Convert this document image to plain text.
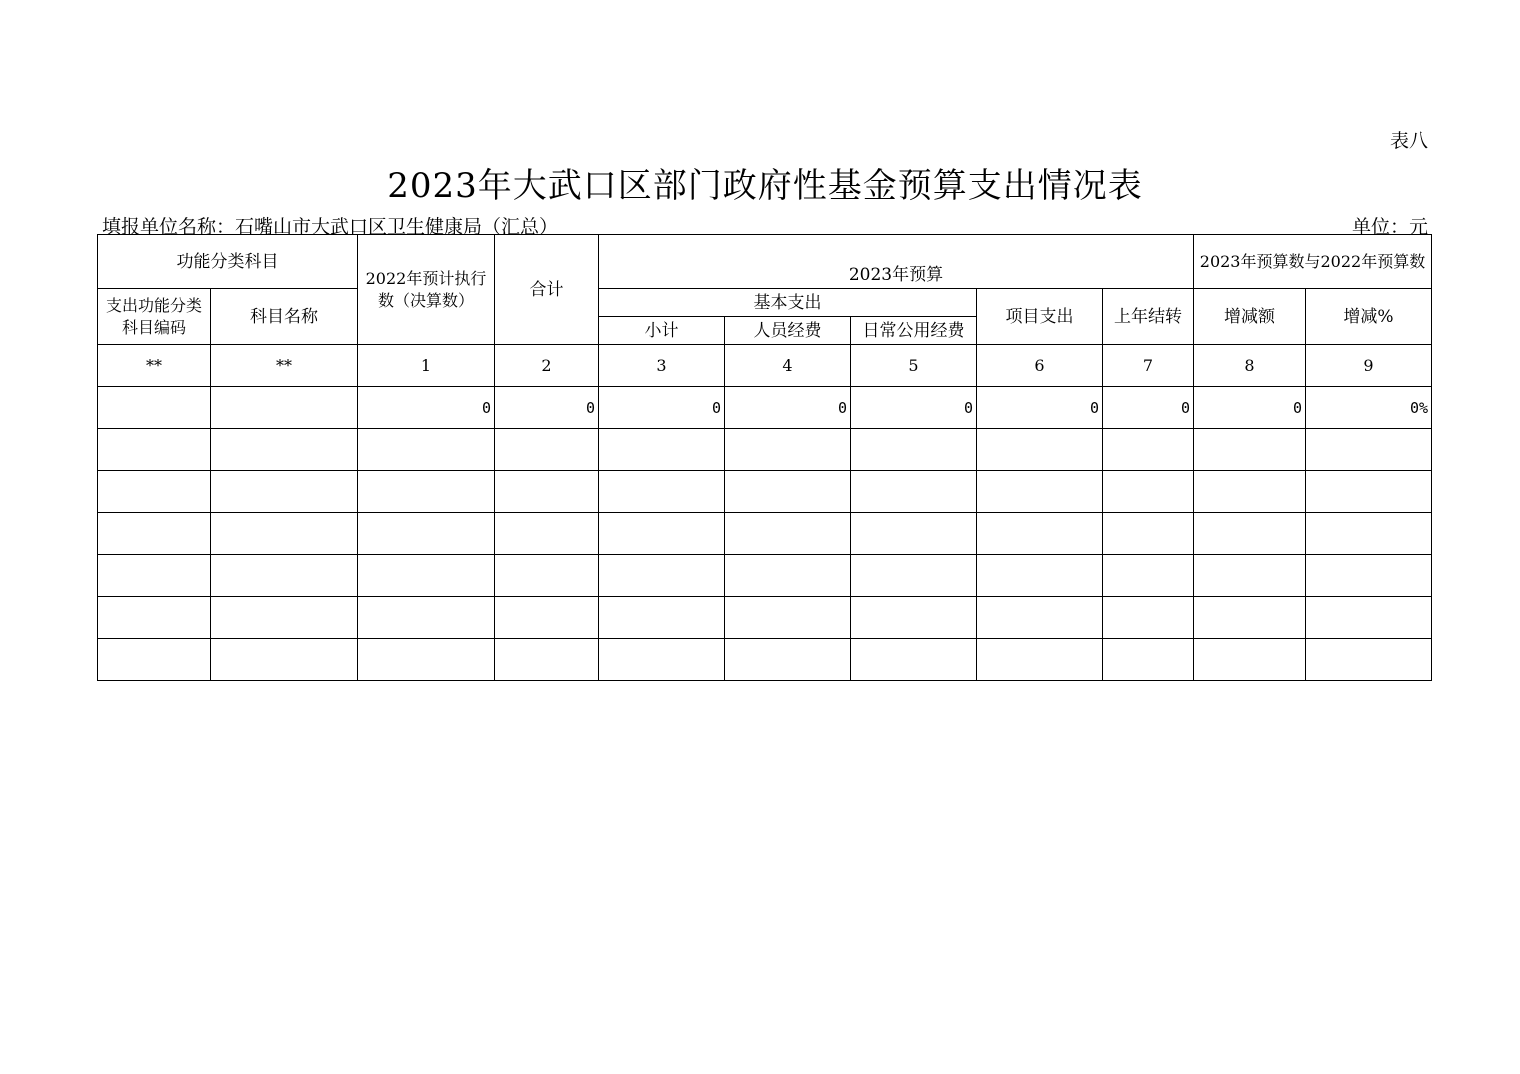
表八
2023年大武口区部门政府性基金预算支出情况表
填报单位名称：石嘴山市大武口区卫生健康局（汇总）	单位：元
功能分类科目		2022年预计执行数（决算数）	合计	2023年预算					2023年预算数与2022年预算数	
支出功能分类科目编码	科目名称			基本支出			项目支出	上年结转	增减额	增减%
				小计	人员经费	日常公用经费				
**	**	1	2	3	4	5	6	7	8	9
		0	0	0	0	0	0	0	0	0%
